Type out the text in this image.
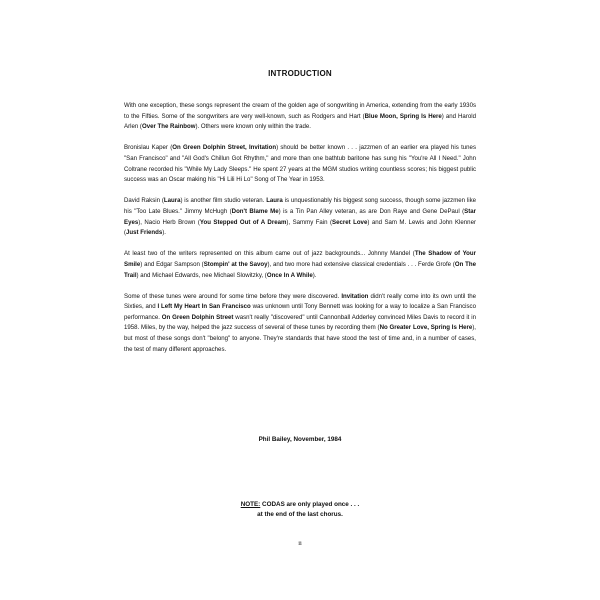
INTRODUCTION

With one exception, these songs represent the cream of the golden age of songwriting in America, extending from the early 1930s to the Fifties. Some of the songwriters are very well-known, such as Rodgers and Hart (Blue Moon, Spring Is Here) and Harold Arlen (Over The Rainbow). Others were known only within the trade.

Bronislau Kaper (On Green Dolphin Street, Invitation) should be better known . . . jazzmen of an earlier era played his tunes "San Francisco" and "All God's Chillun Got Rhythm," and more than one bathtub baritone has sung his "You're All I Need." John Coltrane recorded his "While My Lady Sleeps." He spent 27 years at the MGM studios writing countless scores; his biggest public success was an Oscar making his "Hi Lili Hi Lo" Song of The Year in 1953.

David Raksin (Laura) is another film studio veteran. Laura is unquestionably his biggest song success, though some jazzmen like his "Too Late Blues." Jimmy McHugh (Don't Blame Me) is a Tin Pan Alley veteran, as are Don Raye and Gene DePaul (Star Eyes), Nacio Herb Brown (You Stepped Out of A Dream), Sammy Fain (Secret Love) and Sam M. Lewis and John Klenner (Just Friends).

At least two of the writers represented on this album came out of jazz backgrounds... Johnny Mandel (The Shadow of Your Smile) and Edgar Sampson (Stompin' at the Savoy), and two more had extensive classical credentials . . . Ferde Grofe (On The Trail) and Michael Edwards, nee Michael Slowitzky, (Once In A While).

Some of these tunes were around for some time before they were discovered. Invitation didn't really come into its own until the Sixties, and I Left My Heart In San Francisco was unknown until Tony Bennett was looking for a way to localize a San Francisco performance. On Green Dolphin Street wasn't really "discovered" until Cannonball Adderley convinced Miles Davis to record it in 1958. Miles, by the way, helped the jazz success of several of these tunes by recording them (No Greater Love, Spring Is Here), but most of these songs don't "belong" to anyone. They're standards that have stood the test of time and, in a number of cases, the test of many different approaches.

Phil Bailey, November, 1984
NOTE: CODAS are only played once . . .
at the end of the last chorus.
ii
